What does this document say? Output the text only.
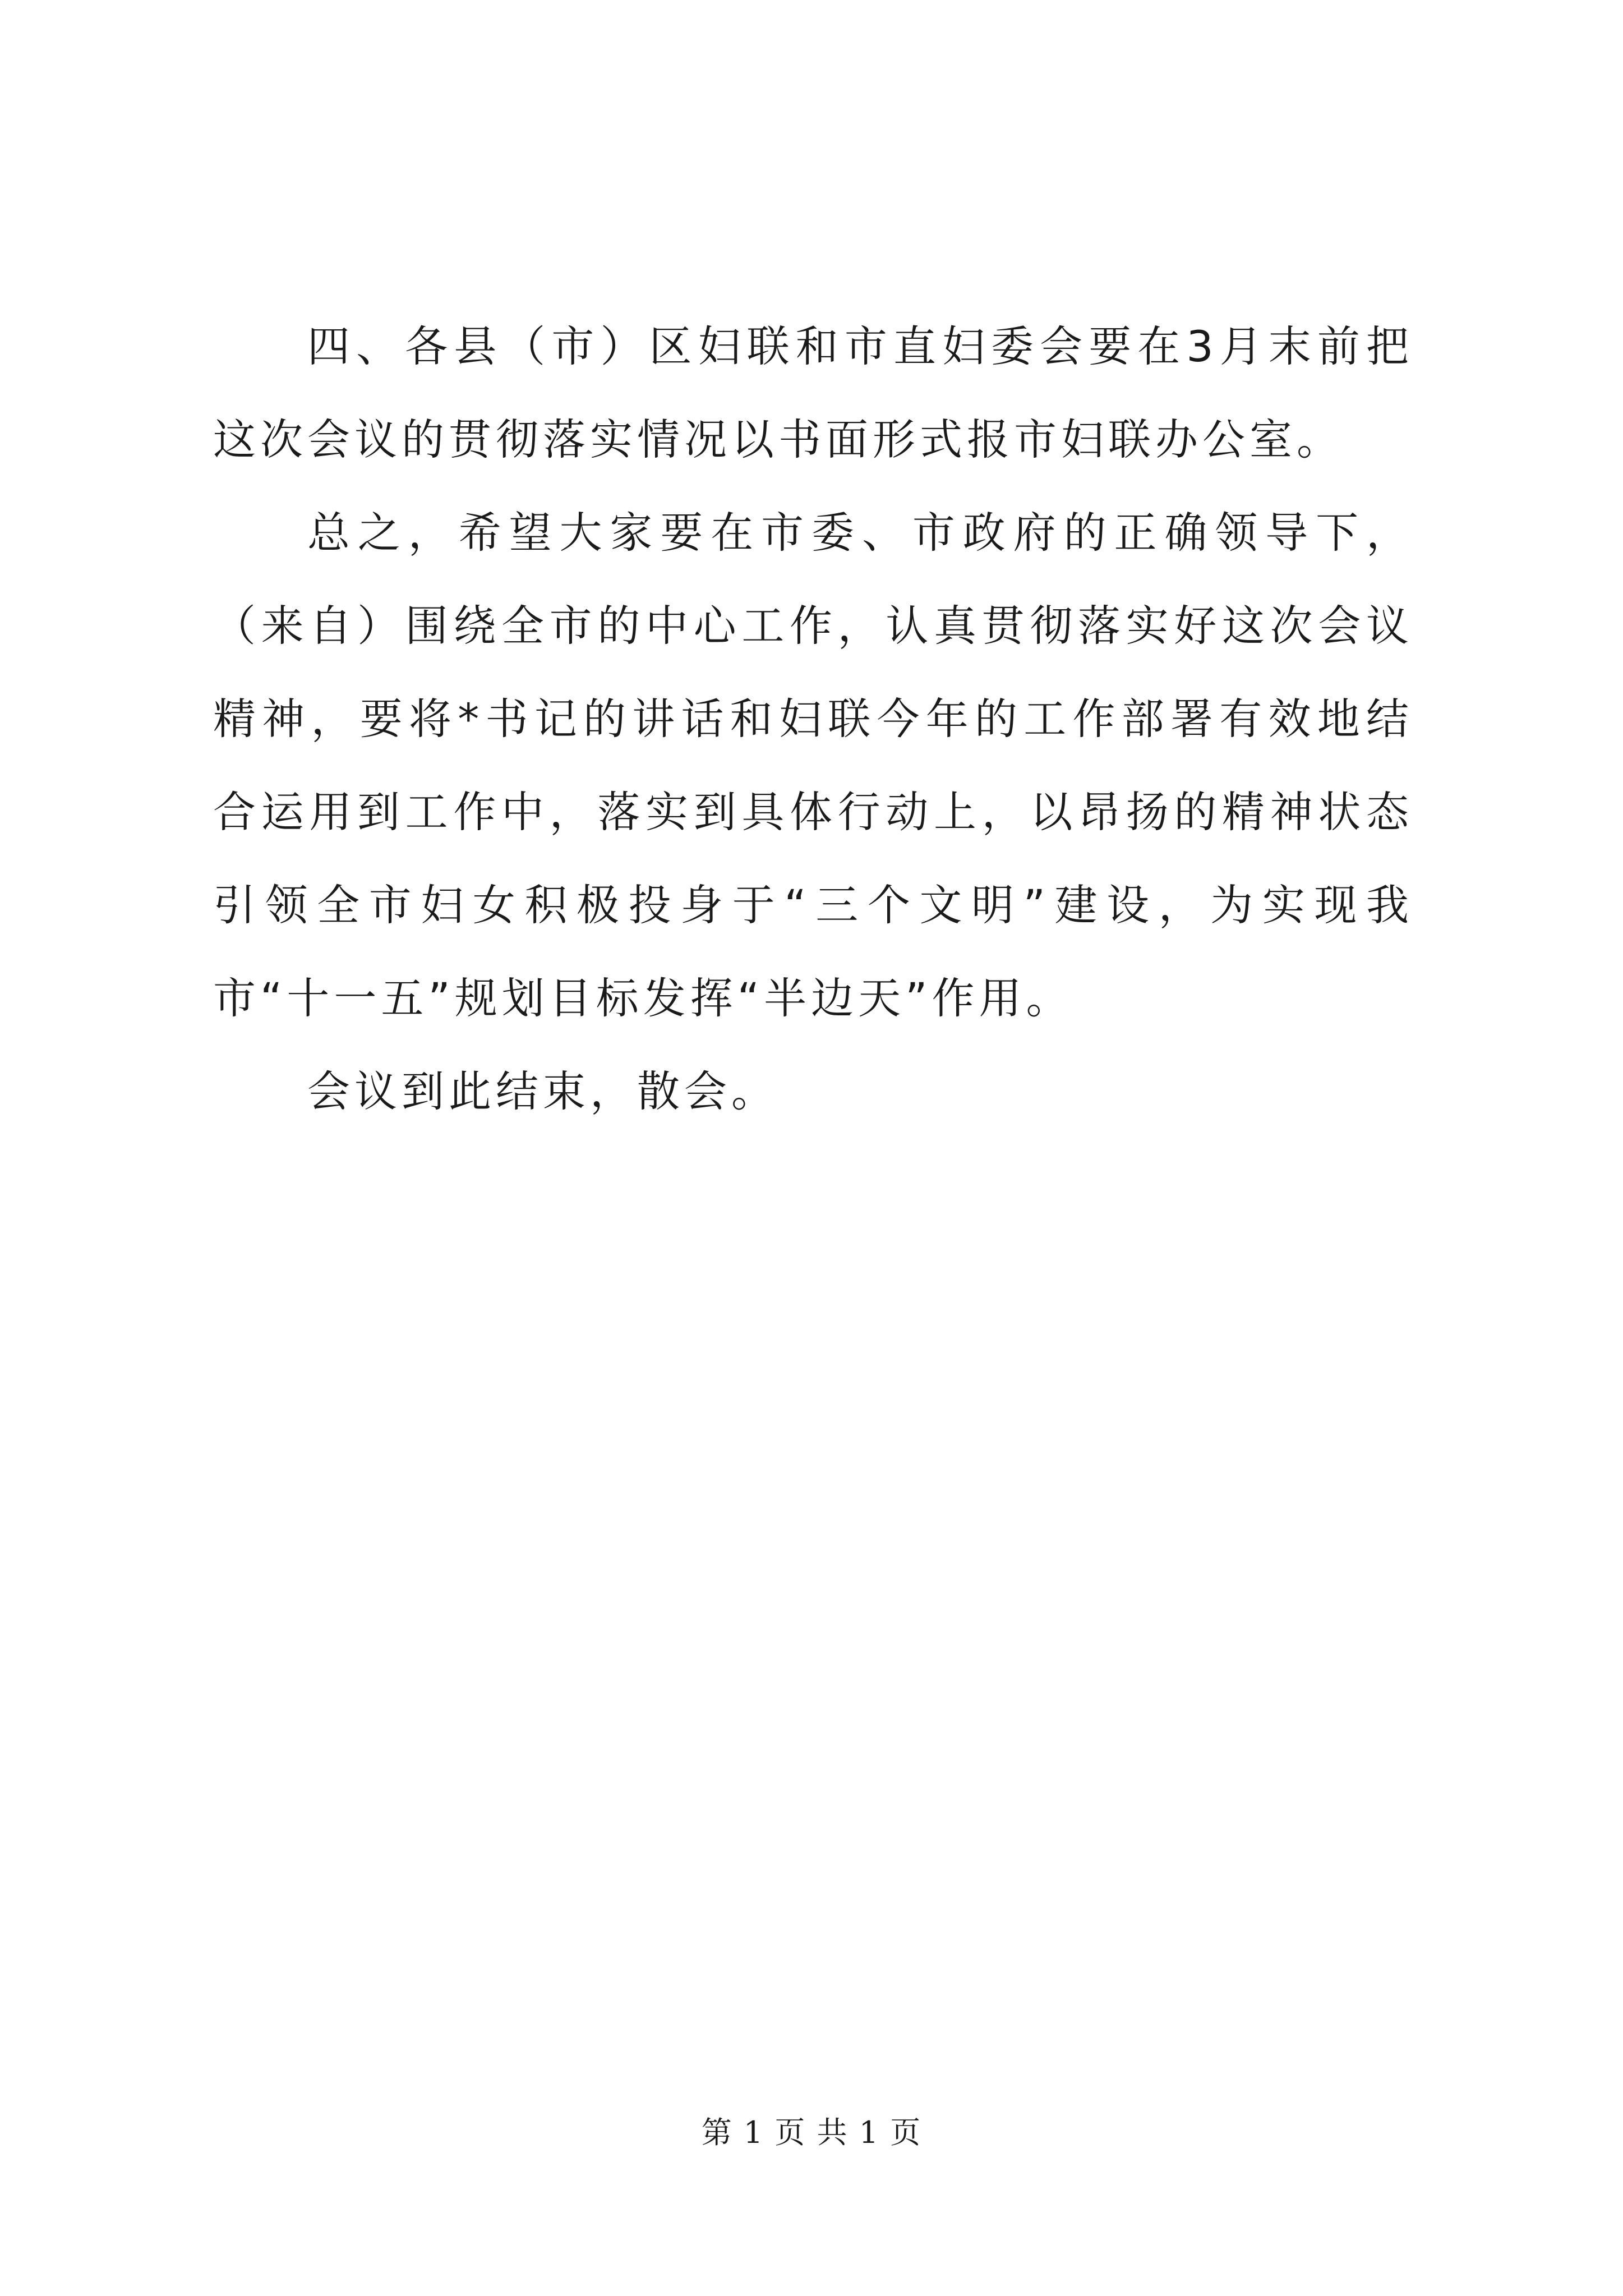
四、各县（市）区妇联和市直妇委会要在3月末前把这次会议的贯彻落实情况以书面形式报市妇联办公室。

总之，希望大家要在市委、市政府的正确领导下，（来自）围绕全市的中心工作，认真贯彻落实好这次会议精神，要将*书记的讲话和妇联今年的工作部署有效地结合运用到工作中，落实到具体行动上，以昂扬的精神状态引领全市妇女积极投身于“三个文明”建设，为实现我市“十一五”规划目标发挥“半边天”作用。

会议到此结束，散会。

第 1 页 共 1 页
